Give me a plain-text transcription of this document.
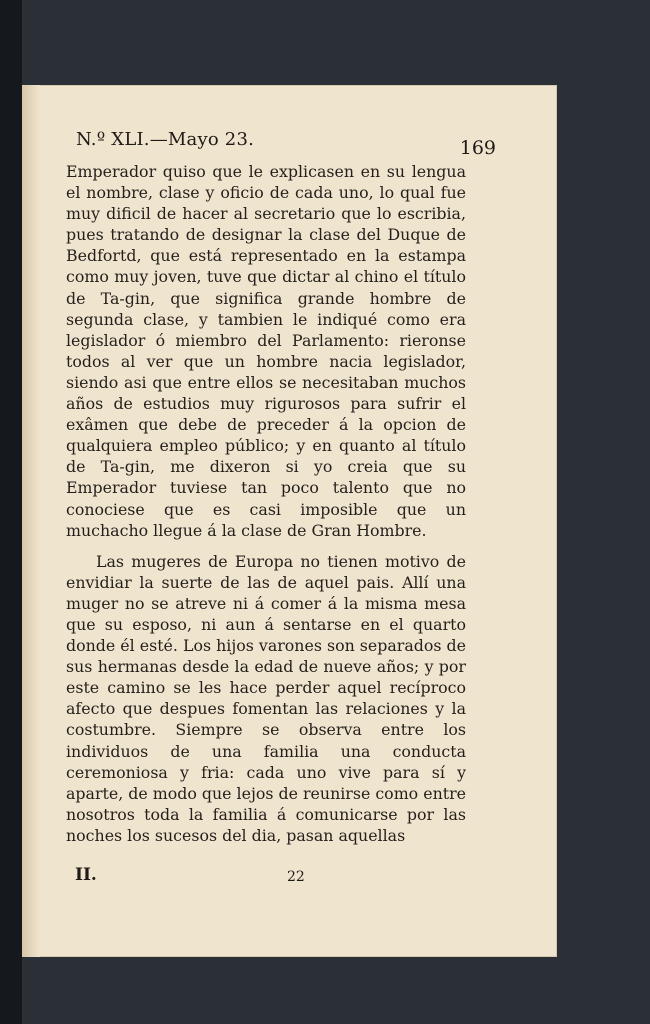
N.º XLI.—Mayo 23.	169

Emperador quiso que le explicasen en su lengua el nombre, clase y oficio de cada uno, lo qual fue muy dificil de hacer al secretario que lo escribia, pues tratando de designar la clase del Duque de Bedfortd, que está representado en la estampa como muy joven, tuve que dictar al chino el título de Ta-gin, que significa grande hombre de segunda clase, y tambien le indiqué como era legislador ó miembro del Parlamento: rieronse todos al ver que un hombre nacia legislador, siendo asi que entre ellos se necesitaban muchos años de estudios muy rigurosos para sufrir el exâmen que debe de preceder á la opcion de qualquiera empleo público; y en quanto al título de Ta-gin, me dixeron si yo creia que su Emperador tuviese tan poco talento que no conociese que es casi imposible que un muchacho llegue á la clase de Gran Hombre.

Las mugeres de Europa no tienen motivo de envidiar la suerte de las de aquel pais. Allí una muger no se atreve ni á comer á la misma mesa que su esposo, ni aun á sentarse en el quarto donde él esté. Los hijos varones son separados de sus hermanas desde la edad de nueve años; y por este camino se les hace perder aquel recíproco afecto que despues fomentan las relaciones y la costumbre. Siempre se observa entre los individuos de una familia una conducta ceremoniosa y fria: cada uno vive para sí y aparte, de modo que lejos de reunirse como entre nosotros toda la familia á comunicarse por las noches los sucesos del dia, pasan aquellas

II.	22
